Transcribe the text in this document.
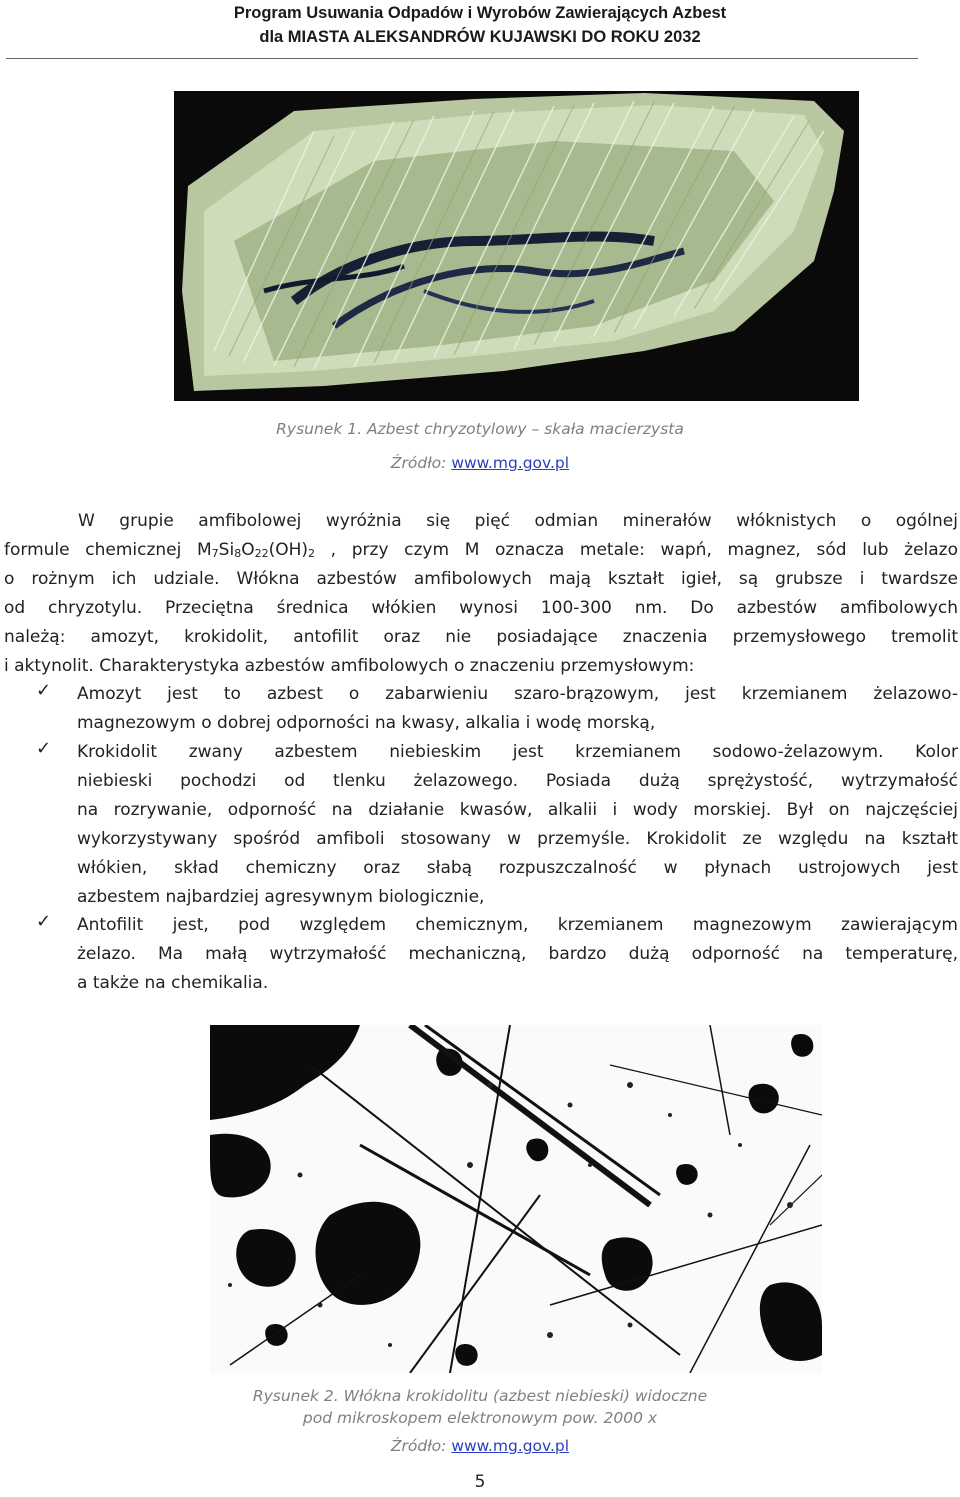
Program Usuwania Odpadów i Wyrobów Zawierających Azbest
dla MIASTA ALEKSANDRÓW KUJAWSKI DO ROKU 2032
Rysunek 1. Azbest chryzotylowy – skała macierzysta
Źródło: www.mg.gov.pl
W grupie amfibolowej wyróżnia się pięć odmian minerałów włóknistych o ogólnej
formule chemicznej $M_7Si_8O_{22}(OH)_2$ , przy czym M oznacza metale: wapń, magnez, sód lub żelazo
o rożnym ich udziale. Włókna azbestów amfibolowych mają kształt igieł, są grubsze i twardsze
od chryzotylu. Przeciętna średnica włókien wynosi 100-300 nm. Do azbestów amfibolowych
należą: amozyt, krokidolit, antofilit oraz nie posiadające znaczenia przemysłowego tremolit
i aktynolit. Charakterystyka azbestów amfibolowych o znaczeniu przemysłowym:
✓	Amozyt jest to azbest o zabarwieniu szaro-brązowym, jest krzemianem żelazowo-
magnezowym o dobrej odporności na kwasy, alkalia i wodę morską,
✓	Krokidolit zwany azbestem niebieskim jest krzemianem sodowo-żelazowym. Kolor
niebieski pochodzi od tlenku żelazowego. Posiada dużą sprężystość, wytrzymałość
na rozrywanie, odporność na działanie kwasów, alkalii i wody morskiej. Był on najczęściej
wykorzystywany spośród amfiboli stosowany w przemyśle. Krokidolit ze względu na kształt
włókien, skład chemiczny oraz słabą rozpuszczalność w płynach ustrojowych jest
azbestem najbardziej agresywnym biologicznie,
✓	Antofilit jest, pod względem chemicznym, krzemianem magnezowym zawierającym
żelazo. Ma małą wytrzymałość mechaniczną, bardzo dużą odporność na temperaturę,
a także na chemikalia.
Rysunek 2. Włókna krokidolitu (azbest niebieski) widoczne
pod mikroskopem elektronowym pow. 2000 x
Źródło: www.mg.gov.pl
5
